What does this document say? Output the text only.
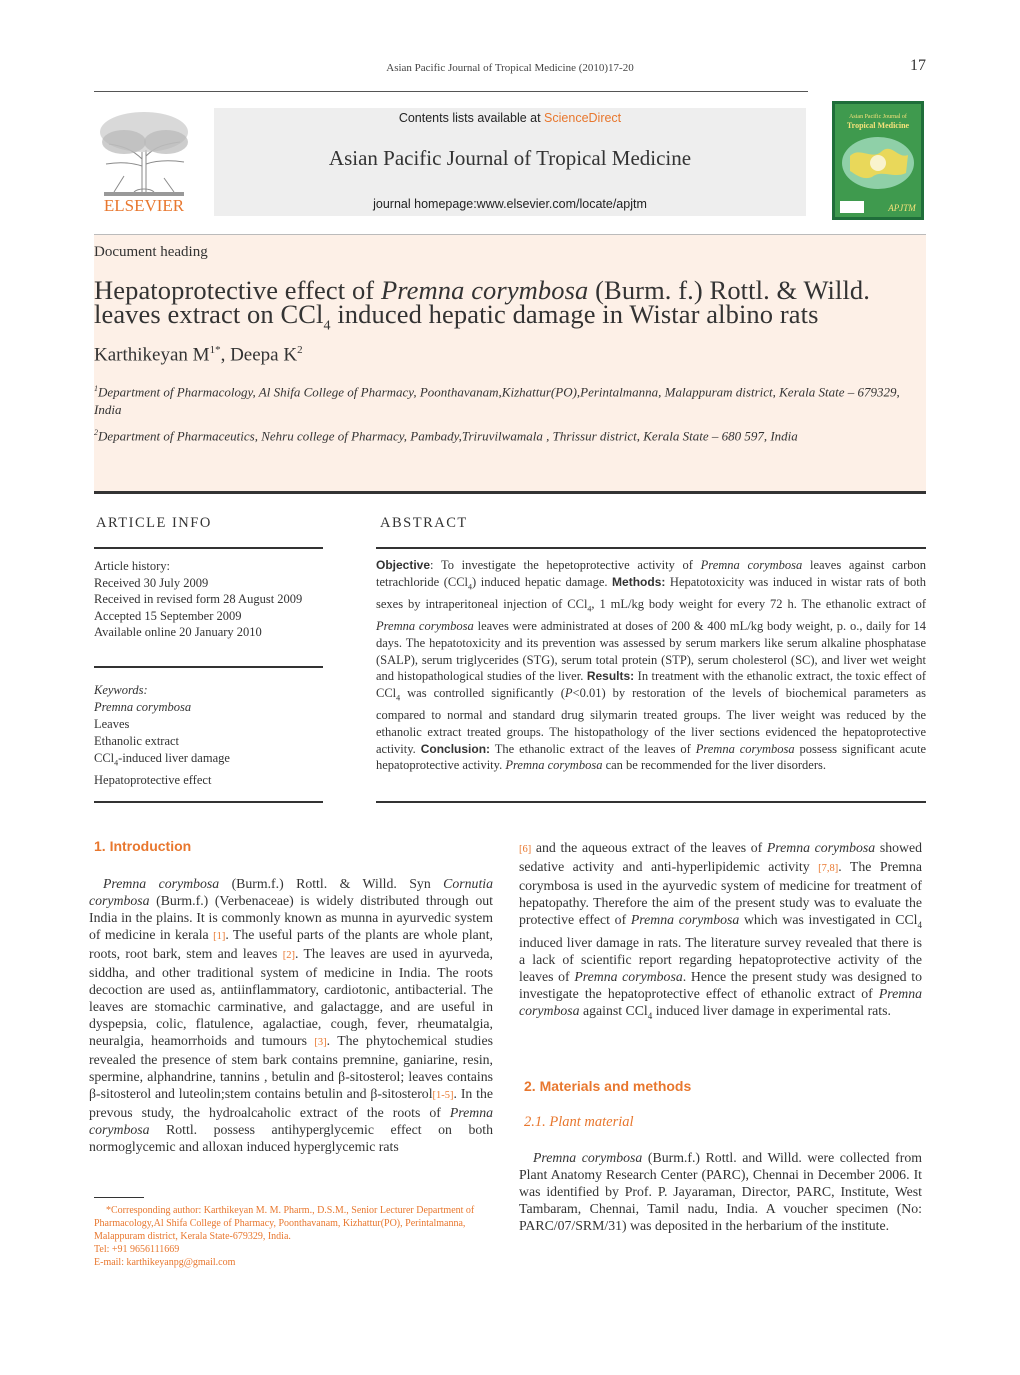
Asian Pacific Journal of Tropical Medicine (2010)17-20	17
ELSEVIER
Contents lists available at ScienceDirect
Asian Pacific Journal of Tropical Medicine
journal homepage:www.elsevier.com/locate/apjtm
Asian Pacific Journal of
Tropical Medicine
APJTM
Document heading
Hepatoprotective effect of Premna corymbosa (Burm. f.) Rottl. & Willd.
leaves extract on CCl$_4$ induced hepatic damage in Wistar albino rats
Karthikeyan $M^{1*}$, Deepa $K^2$
$^1$Department of Pharmacology, Al Shifa College of Pharmacy, Poonthavanam,Kizhattur(PO),Perintalmanna, Malappuram district, Kerala State – 679329, India
$^2$Department of Pharmaceutics, Nehru college of Pharmacy, Pambady,Triruvilwamala , Thrissur district, Kerala State – 680 597, India
ARTICLE INFO
Article history:
Received 30 July 2009
Received in revised form 28 August 2009
Accepted 15 September 2009
Available online 20 January 2010
Keywords:
Premna corymbosa
Leaves
Ethanolic extract
CCl$_4$-induced liver damage
Hepatoprotective effect
ABSTRACT
Objective: To investigate the hepetoprotective activity of Premna corymbosa leaves against carbon tetrachloride (CCl$_4$) induced hepatic damage. Methods: Hepatotoxicity was induced in wistar rats of both sexes by intraperitoneal injection of CCl$_4$, 1 mL/kg body weight for every 72 h. The ethanolic extract of Premna corymbosa leaves were administrated at doses of 200 & 400 mL/kg body weight, p. o., daily for 14 days. The hepatotoxicity and its prevention was assessed by serum markers like serum alkaline phosphatase (SALP), serum triglycerides (STG), serum total protein (STP), serum cholesterol (SC), and liver wet weight and histopathological studies of the liver. Results: In treatment with the ethanolic extract, the toxic effect of CCl$_4$ was controlled significantly (P<0.01) by restoration of the levels of biochemical parameters as compared to normal and standard drug silymarin treated groups. The liver weight was reduced by the ethanolic extract treated groups. The histopathology of the liver sections evidenced the hepatoprotective activity. Conclusion: The ethanolic extract of the leaves of Premna corymbosa possess significant acute hepatoprotective activity. Premna corymbosa can be recommended for the liver disorders.
1. Introduction
Premna corymbosa (Burm.f.) Rottl. & Willd. Syn Cornutia corymbosa (Burm.f.) (Verbenaceae) is widely distributed through out India in the plains. It is commonly known as munna in ayurvedic system of medicine in kerala [1]. The useful parts of the plants are whole plant, roots, root bark, stem and leaves [2]. The leaves are used in ayurveda, siddha, and other traditional system of medicine in India. The roots decoction are used as, antiinflammatory, cardiotonic, antibacterial. The leaves are stomachic carminative, and galactagge, and are useful in dyspepsia, colic, flatulence, agalactiae, cough, fever, rheumatalgia, neuralgia, heamorrhoids and tumours [3]. The phytochemical studies revealed the presence of stem bark contains premnine, ganiarine, resin, spermine, alphandrine, tannins , betulin and β-sitosterol; leaves contains β-sitosterol and luteolin;stem contains betulin and β-sitosterol[1-5]. In the prevous study, the hydroalcaholic extract of the roots of Premna corymbosa Rottl. possess antihyperglycemic effect on both normoglycemic and alloxan induced hyperglycemic rats
*Corresponding author: Karthikeyan M. M. Pharm., D.S.M., Senior Lecturer Department of Pharmacology,Al Shifa College of Pharmacy, Poonthavanam, Kizhattur(PO), Perintalmanna, Malappuram district, Kerala State-679329, India.
Tel: +91 9656111669
E-mail: karthikeyanpg@gmail.com
[6] and the aqueous extract of the leaves of Premna corymbosa showed sedative activity and anti-hyperlipidemic activity [7,8]. The Premna corymbosa is used in the ayurvedic system of medicine for treatment of hepatopathy. Therefore the aim of the present study was to evaluate the protective effect of Premna corymbosa which was investigated in CCl$_4$ induced liver damage in rats. The literature survey revealed that there is a lack of scientific report regarding hepatoprotective activity of the leaves of Premna corymbosa. Hence the present study was designed to investigate the hepatoprotective effect of ethanolic extract of Premna corymbosa against CCl$_4$ induced liver damage in experimental rats.
2. Materials and methods
2.1. Plant material
Premna corymbosa (Burm.f.) Rottl. and Willd. were collected from Plant Anatomy Research Center (PARC), Chennai in December 2006. It was identified by Prof. P. Jayaraman, Director, PARC, Institute, West Tambaram, Chennai, Tamil nadu, India. A voucher specimen (No: PARC/07/SRM/31) was deposited in the herbarium of the institute.
